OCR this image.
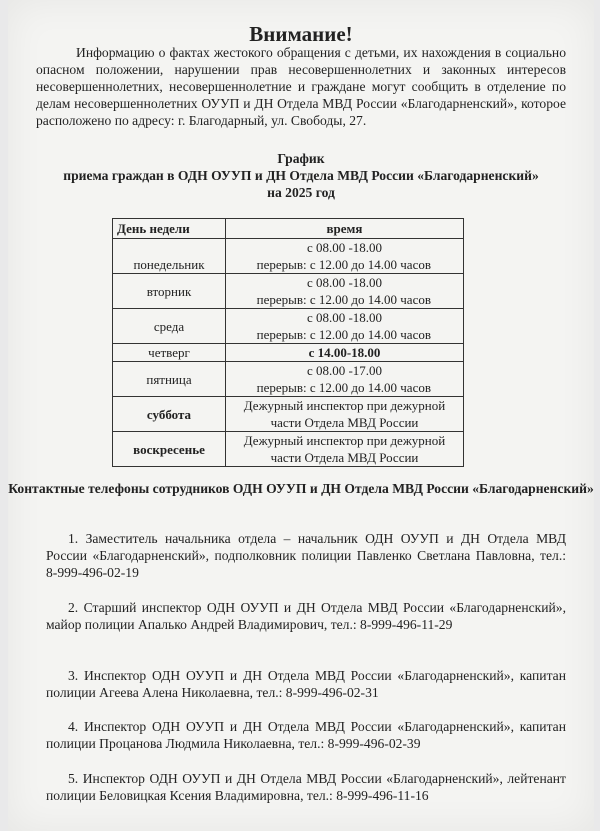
Внимание!
Информацию о фактах жестокого обращения с детьми, их нахождения в социально опасном положении, нарушении прав несовершеннолетних и законных интересов несовершеннолетних, несовершеннолетние и граждане могут сообщить в отделение по делам несовершеннолетних ОУУП и ДН Отдела МВД России «Благодарненский», которое расположено по адресу: г. Благодарный, ул. Свободы, 27.
График
приема граждан в ОДН ОУУП и ДН Отдела МВД России «Благодарненский»
на 2025 год
День недели	время
понедельник	с 08.00 -18.00
перерыв: с 12.00 до 14.00 часов

вторник	с 08.00 -18.00
перерыв: с 12.00 до 14.00 часов

среда	с 08.00 -18.00
перерыв: с 12.00 до 14.00 часов

четверг	с 14.00-18.00
пятница	с 08.00 -17.00
перерыв: с 12.00 до 14.00 часов

суббота	Дежурный инспектор при дежурной части Отдела МВД России
воскресенье	Дежурный инспектор при дежурной части Отдела МВД России
Контактные телефоны сотрудников ОДН ОУУП и ДН Отдела МВД России «Благодарненский»
1. Заместитель начальника отдела – начальник ОДН ОУУП и ДН Отдела МВД России «Благодарненский», подполковник полиции Павленко Светлана Павловна, тел.: 8-999-496-02-19
2. Старший инспектор ОДН ОУУП и ДН Отдела МВД России «Благодарненский», майор полиции Апалько Андрей Владимирович, тел.: 8-999-496-11-29
3. Инспектор ОДН ОУУП и ДН Отдела МВД России «Благодарненский», капитан полиции Агеева Алена Николаевна, тел.: 8-999-496-02-31
4. Инспектор ОДН ОУУП и ДН Отдела МВД России «Благодарненский», капитан полиции Процанова Людмила Николаевна, тел.: 8-999-496-02-39
5. Инспектор ОДН ОУУП и ДН Отдела МВД России «Благодарненский», лейтенант полиции Беловицкая Ксения Владимировна, тел.: 8-999-496-11-16
